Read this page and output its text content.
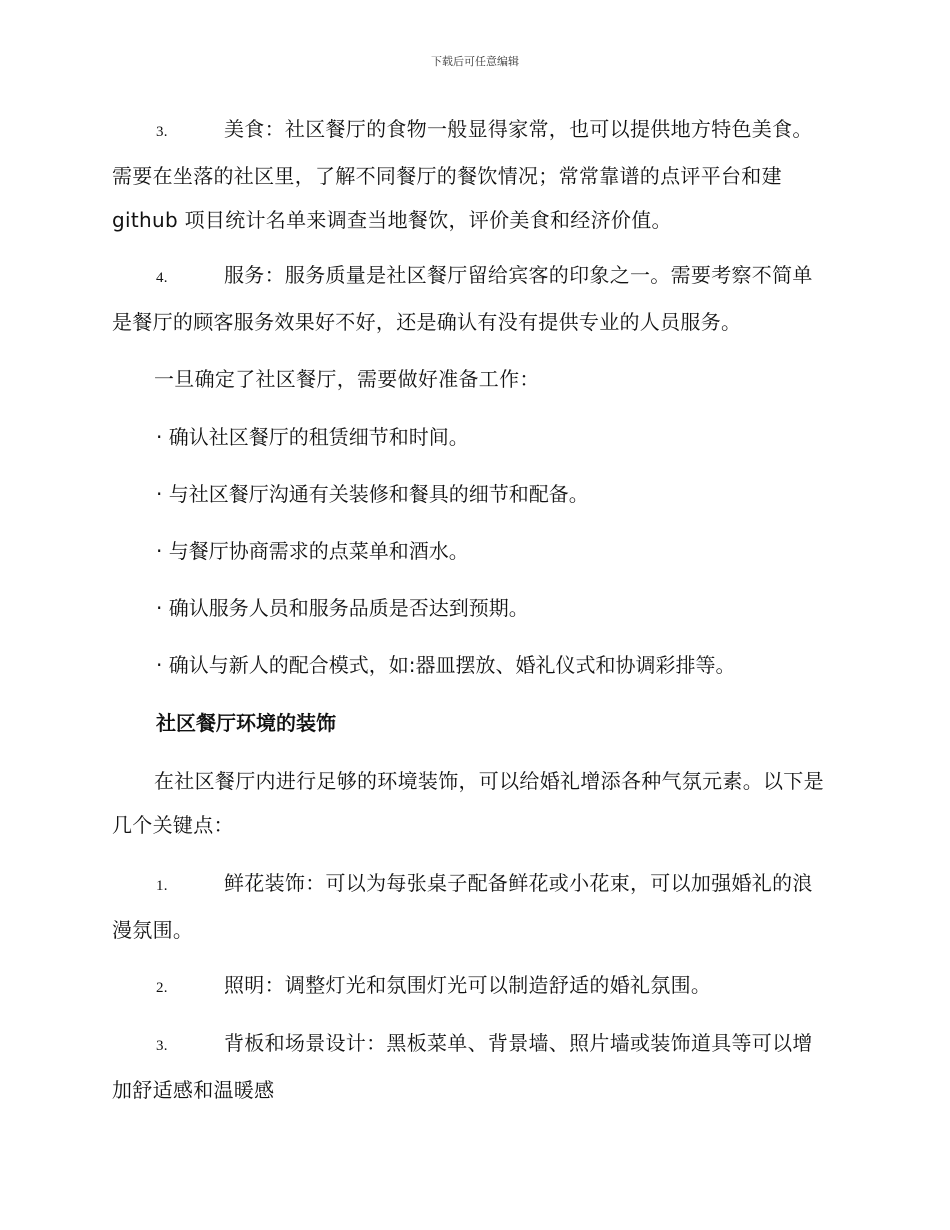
下载后可任意编辑
3.	美食：社区餐厅的食物一般显得家常，也可以提供地方特色美食。需要在坐落的社区里，了解不同餐厅的餐饮情况；常常靠谱的点评平台和建 github 项目统计名单来调查当地餐饮，评价美食和经济价值。
4.	服务：服务质量是社区餐厅留给宾客的印象之一。需要考察不简单是餐厅的顾客服务效果好不好，还是确认有没有提供专业的人员服务。
一旦确定了社区餐厅，需要做好准备工作：
· 确认社区餐厅的租赁细节和时间。
· 与社区餐厅沟通有关装修和餐具的细节和配备。
· 与餐厅协商需求的点菜单和酒水。
· 确认服务人员和服务品质是否达到预期。
· 确认与新人的配合模式，如:器皿摆放、婚礼仪式和协调彩排等。
社区餐厅环境的装饰
在社区餐厅内进行足够的环境装饰，可以给婚礼增添各种气氛元素。以下是几个关键点：
1.	鲜花装饰：可以为每张桌子配备鲜花或小花束，可以加强婚礼的浪漫氛围。
2.	照明：调整灯光和氛围灯光可以制造舒适的婚礼氛围。
3.	背板和场景设计：黑板菜单、背景墙、照片墙或装饰道具等可以增加舒适感和温暖感
